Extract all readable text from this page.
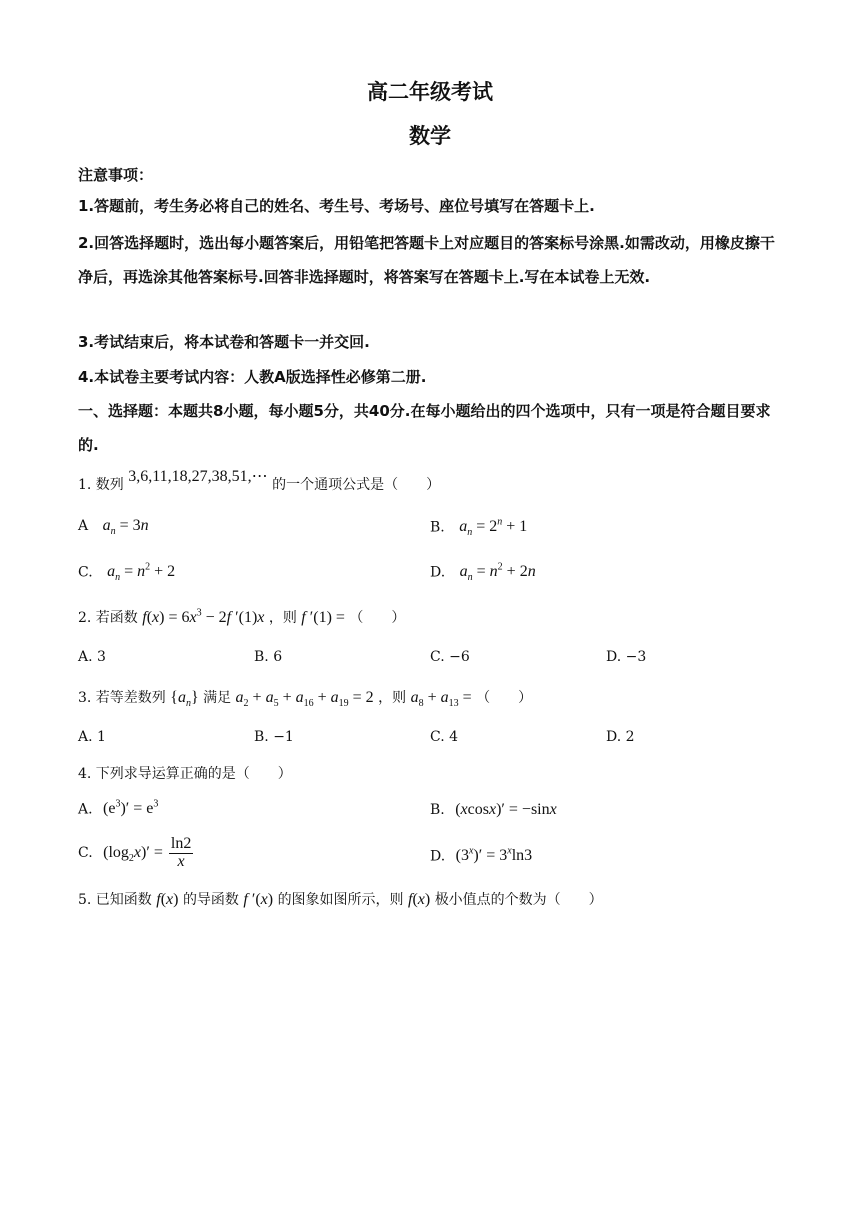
高二年级考试
数学
注意事项：
1.答题前，考生务必将自己的姓名、考生号、考场号、座位号填写在答题卡上.
2.回答选择题时，选出每小题答案后，用铅笔把答题卡上对应题目的答案标号涂黑.如需改动，用橡皮擦干净后，再选涂其他答案标号.回答非选择题时，将答案写在答题卡上.写在本试卷上无效.
3.考试结束后，将本试卷和答题卡一并交回.
4.本试卷主要考试内容：人教A版选择性必修第二册.
一、选择题：本题共8小题，每小题5分，共40分.在每小题给出的四个选项中，只有一项是符合题目要求的.
1. 数列 3,6,11,18,27,38,51,⋯ 的一个通项公式是（　　）
A $a_n = 3n$	B. $a_n = 2^n + 1$
C. $a_n = n^2 + 2$	D. $a_n = n^2 + 2n$
2. 若函数 $f(x) = 6x^3 - 2f$ ′(1)x ，则 f ′(1) = （　　）
A. 3	B. 6	C. −6	D. −3
3. 若等差数列 $\{a_n\}$ 满足 $a_2 + a_5 + a_{16} + a_{19} = 2$ ，则 $a_8 + a_{13}$ = （　　）
A. 1	B. −1	C. 4	D. 2
4. 下列求导运算正确的是（　　）
A. $(e^3)' = e^3$	B. (xcosx)′ = −sinx
C. $(\log_2x)' = \frac{\ln 2}{x}$	D. $(3^x)' = 3^x\ln 3$
5. 已知函数 f(x) 的导函数 f ′(x) 的图象如图所示，则 f(x) 极小值点的个数为（　　）
